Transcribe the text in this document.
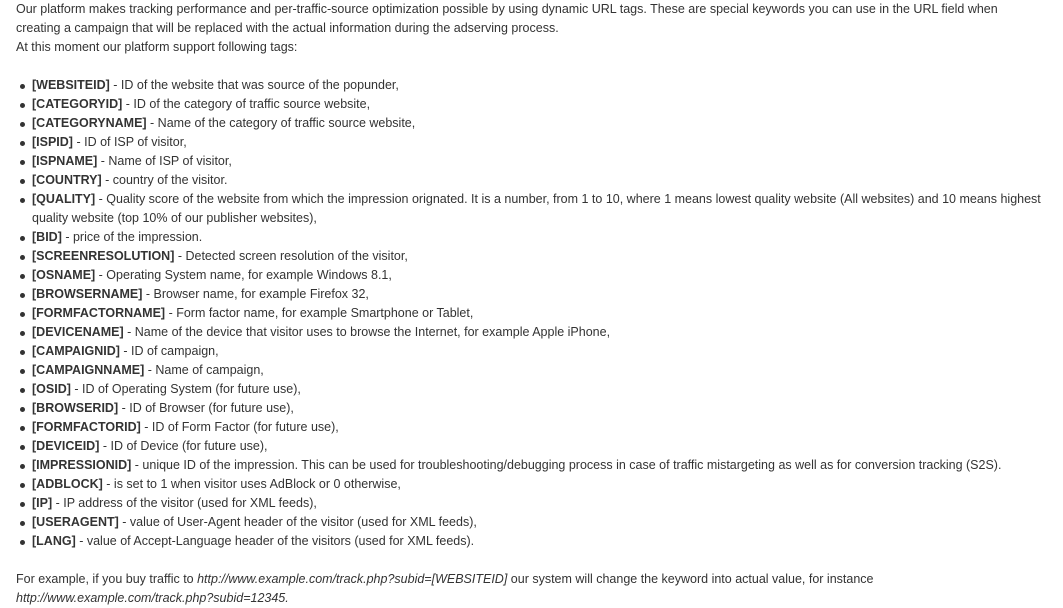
Our platform makes tracking performance and per-traffic-source optimization possible by using dynamic URL tags. These are special keywords you can use in the URL field when

creating a campaign that will be replaced with the actual information during the adserving process.

At this moment our platform support following tags:

[WEBSITEID] - ID of the website that was source of the popunder,
[CATEGORYID] - ID of the category of traffic source website,
[CATEGORYNAME] - Name of the category of traffic source website,
[ISPID] - ID of ISP of visitor,
[ISPNAME] - Name of ISP of visitor,
[COUNTRY] - country of the visitor.
[QUALITY] - Quality score of the website from which the impression orignated. It is a number, from 1 to 10, where 1 means lowest quality website (All websites) and 10 means highest quality website (top 10% of our publisher websites),
[BID] - price of the impression.
[SCREENRESOLUTION] - Detected screen resolution of the visitor,
[OSNAME] - Operating System name, for example Windows 8.1,
[BROWSERNAME] - Browser name, for example Firefox 32,
[FORMFACTORNAME] - Form factor name, for example Smartphone or Tablet,
[DEVICENAME] - Name of the device that visitor uses to browse the Internet, for example Apple iPhone,
[CAMPAIGNID] - ID of campaign,
[CAMPAIGNNAME] - Name of campaign,
[OSID] - ID of Operating System (for future use),
[BROWSERID] - ID of Browser (for future use),
[FORMFACTORID] - ID of Form Factor (for future use),
[DEVICEID] - ID of Device (for future use),
[IMPRESSIONID] - unique ID of the impression. This can be used for troubleshooting/debugging process in case of traffic mistargeting as well as for conversion tracking (S2S).
[ADBLOCK] - is set to 1 when visitor uses AdBlock or 0 otherwise,
[IP] - IP address of the visitor (used for XML feeds),
[USERAGENT] - value of User-Agent header of the visitor (used for XML feeds),
[LANG] - value of Accept-Language header of the visitors (used for XML feeds).

For example, if you buy traffic to http://www.example.com/track.php?subid=[WEBSITEID] our system will change the keyword into actual value, for instance

http://www.example.com/track.php?subid=12345.
